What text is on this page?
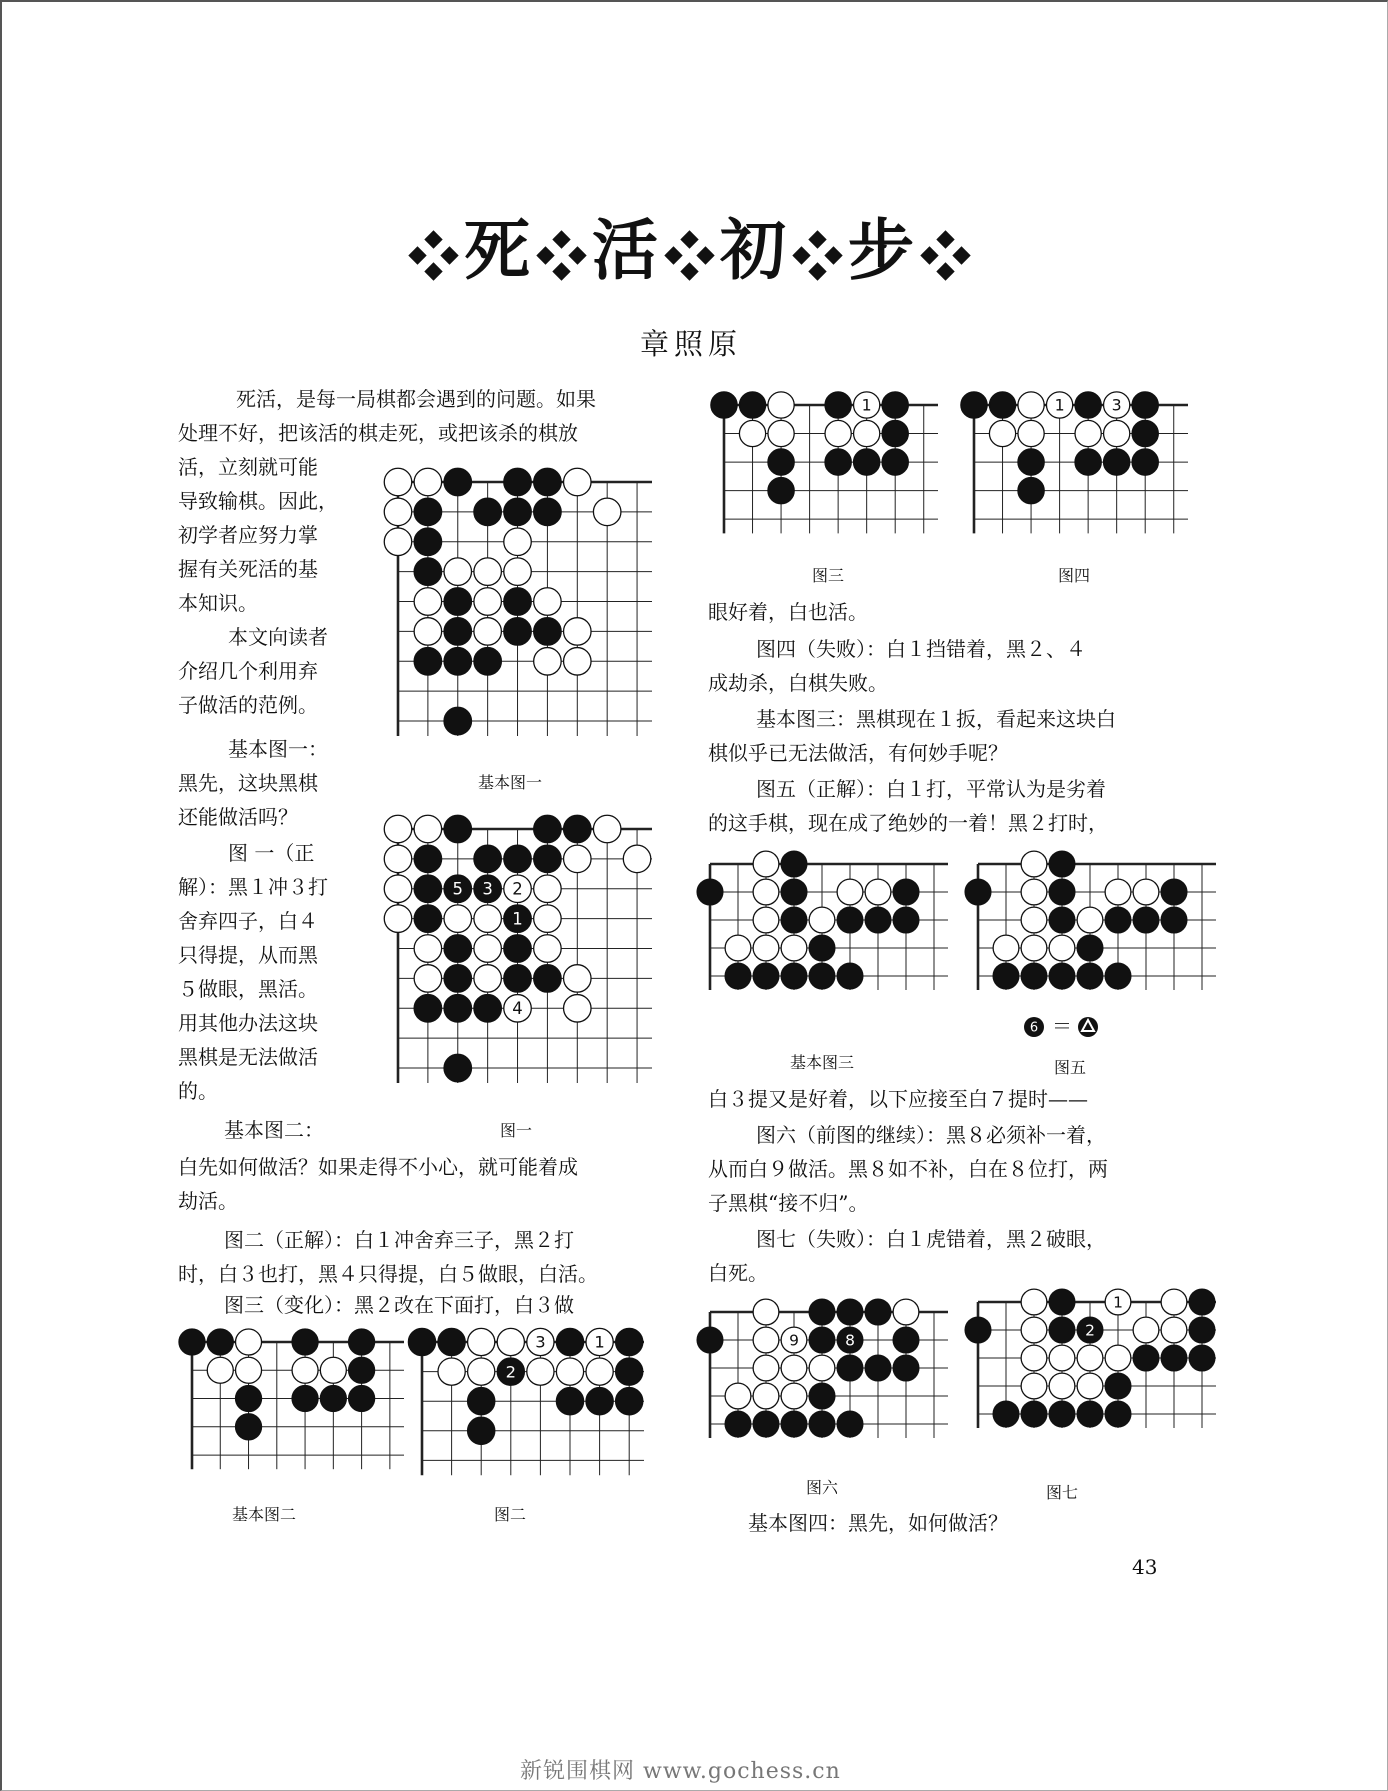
死 活 初 步
章照原

死活，是每一局棋都会遇到的问题。如果

处理不好，把该活的棋走死，或把该杀的棋放

活，立刻就可能

导致输棋。因此，

初学者应努力掌

握有关死活的基

本知识。

本文向读者

介绍几个利用弃

子做活的范例。

基本图一：

黑先，这块黑棋

还能做活吗？

图 一（正

解）：黑１冲３打

舍弃四子，白４

只得提，从而黑

５做眼，黑活。

用其他办法这块

黑棋是无法做活

的。

基本图二：

白先如何做活？如果走得不小心，就可能着成

劫活。

图二（正解）：白１冲舍弃三子，黑２打

时，白３也打，黑４只得提，白５做眼，白活。

图三（变化）：黑２改在下面打，白３做

眼好着，白也活。

图四（失败）：白１挡错着，黑２、４

成劫杀，白棋失败。

基本图三：黑棋现在１扳，看起来这块白

棋似乎已无法做活，有何妙手呢？

图五（正解）：白１打，平常认为是劣着

的这手棋，现在成了绝妙的一着！黑２打时，

白３提又是好着，以下应接至白７提时——

图六（前图的继续）：黑８必须补一着，

从而白９做活。黑８如不补，白在８位打，两

子黑棋“接不归”。

图七（失败）：白１虎错着，黑２破眼，

白死。

基本图四：黑先，如何做活？

基本图一
5 3 2
1
4
图一
基本图二
3	1
2
图二
1
图三
1	3
图四
基本图三
6 ＝
图五
9	8
图六
1
2
图七
43
新锐围棋网 www.gochess.cn
